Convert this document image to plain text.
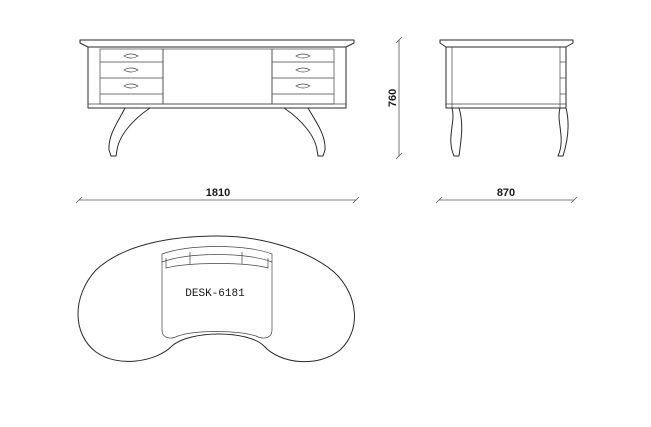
760
1810	870
DESK-6181
